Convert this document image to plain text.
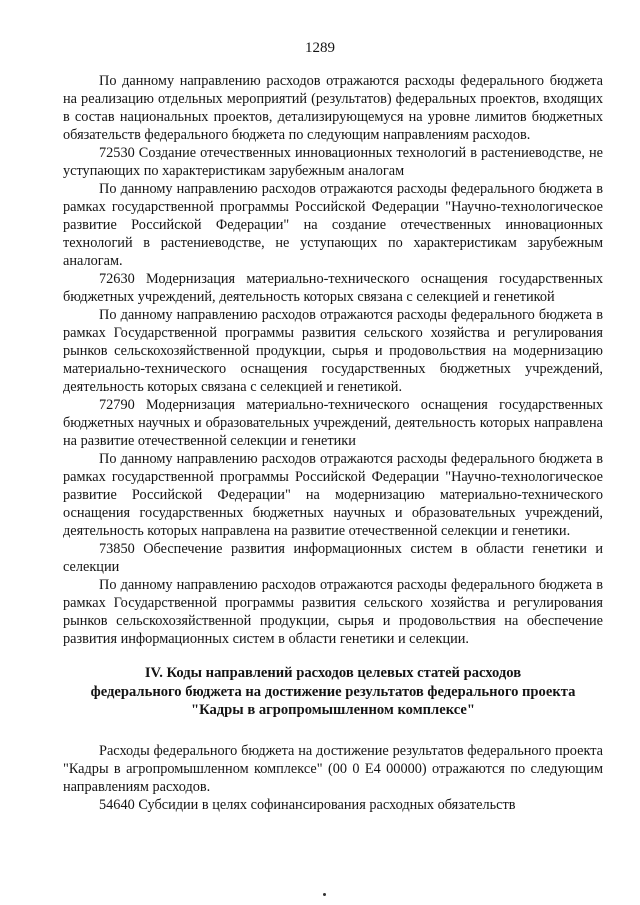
1289

По данному направлению расходов отражаются расходы федерального бюджета на реализацию отдельных мероприятий (результатов) федеральных проектов, входящих в состав национальных проектов, детализирующемуся на уровне лимитов бюджетных обязательств федерального бюджета по следующим направлениям расходов.

72530 Создание отечественных инновационных технологий в растениеводстве, не уступающих по характеристикам зарубежным аналогам

По данному направлению расходов отражаются расходы федерального бюджета в рамках государственной программы Российской Федерации "Научно-технологическое развитие Российской Федерации" на создание отечественных инновационных технологий в растениеводстве, не уступающих по характеристикам зарубежным аналогам.

72630 Модернизация материально-технического оснащения государственных бюджетных учреждений, деятельность которых связана с селекцией и генетикой

По данному направлению расходов отражаются расходы федерального бюджета в рамках Государственной программы развития сельского хозяйства и регулирования рынков сельскохозяйственной продукции, сырья и продовольствия на модернизацию материально-технического оснащения государственных бюджетных учреждений, деятельность которых связана с селекцией и генетикой.

72790 Модернизация материально-технического оснащения государственных бюджетных научных и образовательных учреждений, деятельность которых направлена на развитие отечественной селекции и генетики

По данному направлению расходов отражаются расходы федерального бюджета в рамках государственной программы Российской Федерации "Научно-технологическое развитие Российской Федерации" на модернизацию материально-технического оснащения государственных бюджетных научных и образовательных учреждений, деятельность которых направлена на развитие отечественной селекции и генетики.

73850 Обеспечение развития информационных систем в области генетики и селекции

По данному направлению расходов отражаются расходы федерального бюджета в рамках Государственной программы развития сельского хозяйства и регулирования рынков сельскохозяйственной продукции, сырья и продовольствия на обеспечение развития информационных систем в области генетики и селекции.

IV. Коды направлений расходов целевых статей расходов
федерального бюджета на достижение результатов федерального проекта
"Кадры в агропромышленном комплексе"

Расходы федерального бюджета на достижение результатов федерального проекта "Кадры в агропромышленном комплексе" (00 0 Е4 00000) отражаются по следующим направлениям расходов.

54640 Субсидии в целях софинансирования расходных обязательств
